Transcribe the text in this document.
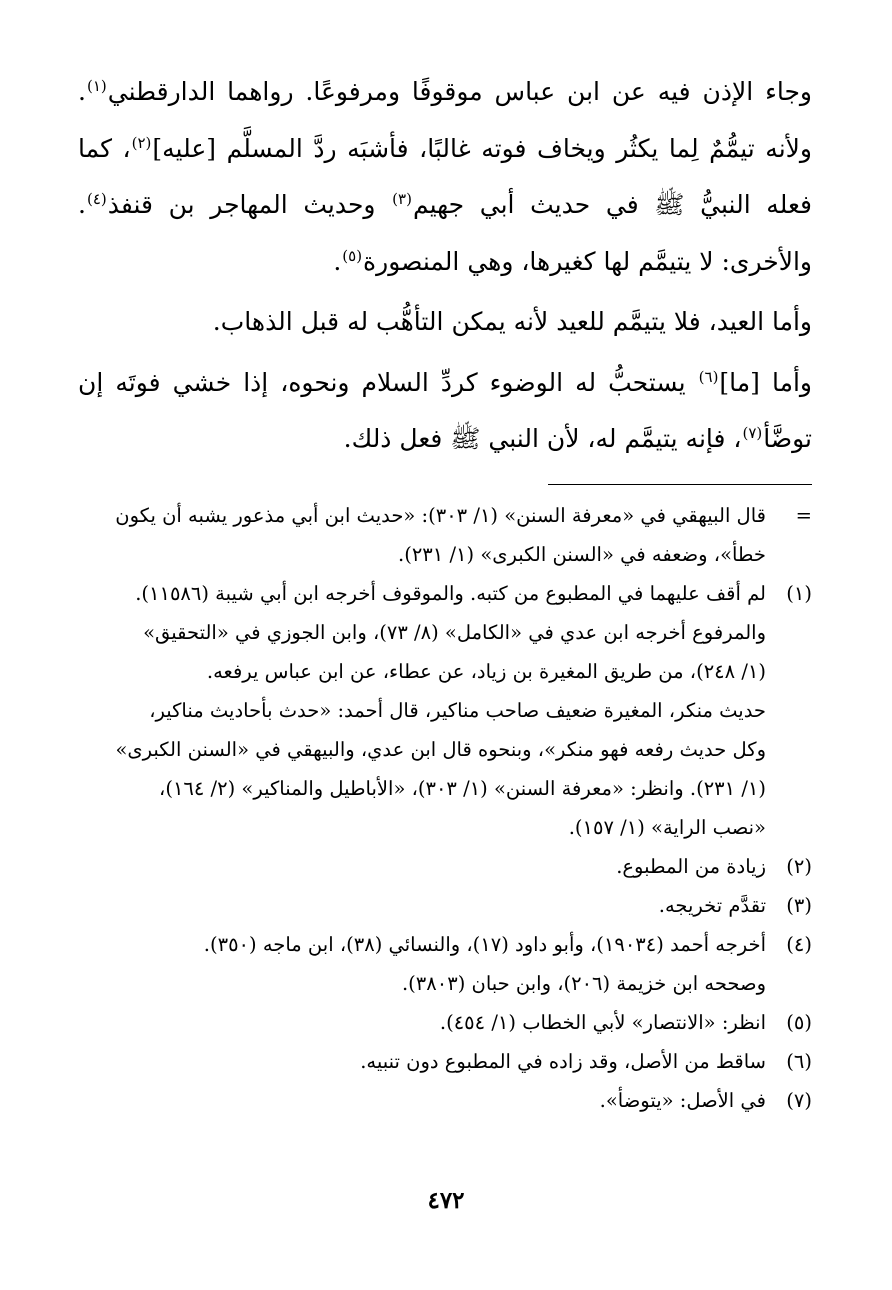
وجاء الإذن فيه عن ابن عباس موقوفًا ومرفوعًا. رواهما الدارقطني$^{(١)}$. ولأنه تيمُّمٌ لِما يكثُر ويخاف فوته غالبًا، فأشبَه ردَّ المسلَّم [عليه]$^{(٢)}$، كما فعله النبيُّ ﷺ في حديث أبي جهيم$^{(٣)}$ وحديث المهاجر بن قنفذ$^{(٤)}$. والأخرى: لا يتيمَّم لها كغيرها، وهي المنصورة$^{(٥)}$.

وأما العيد، فلا يتيمَّم للعيد لأنه يمكن التأهُّب له قبل الذهاب.

وأما [ما]$^{(٦)}$ يستحبُّ له الوضوء كردِّ السلام ونحوه، إذا خشي فوتَه إن توضَّأ$^{(٧)}$، فإنه يتيمَّم له، لأن النبي ﷺ فعل ذلك.

=
قال البيهقي في «معرفة السنن» (١/ ٣٠٣): «حديث ابن أبي مذعور يشبه أن يكون
خطأ»، وضعفه في «السنن الكبرى» (١/ ٢٣١).
(١)
لم أقف عليهما في المطبوع من كتبه. والموقوف أخرجه ابن أبي شيبة (١١٥٨٦).
والمرفوع أخرجه ابن عدي في «الكامل» (٨/ ٧٣)، وابن الجوزي في «التحقيق»
(١/ ٢٤٨)، من طريق المغيرة بن زياد، عن عطاء، عن ابن عباس يرفعه.
حديث منكر، المغيرة ضعيف صاحب مناكير، قال أحمد: «حدث بأحاديث مناكير،
وكل حديث رفعه فهو منكر»، وبنحوه قال ابن عدي، والبيهقي في «السنن الكبرى»
(١/ ٢٣١). وانظر: «معرفة السنن» (١/ ٣٠٣)، «الأباطيل والمناكير» (٢/ ١٦٤)،
«نصب الراية» (١/ ١٥٧).
(٢)
زيادة من المطبوع.
(٣)
تقدَّم تخريجه.
(٤)
أخرجه أحمد (١٩٠٣٤)، وأبو داود (١٧)، والنسائي (٣٨)، ابن ماجه (٣٥٠).
وصححه ابن خزيمة (٢٠٦)، وابن حبان (٣٨٠٣).
(٥)
انظر: «الانتصار» لأبي الخطاب (١/ ٤٥٤).
(٦)
ساقط من الأصل، وقد زاده في المطبوع دون تنبيه.
(٧)
في الأصل: «يتوضأ».
٤٧٢
